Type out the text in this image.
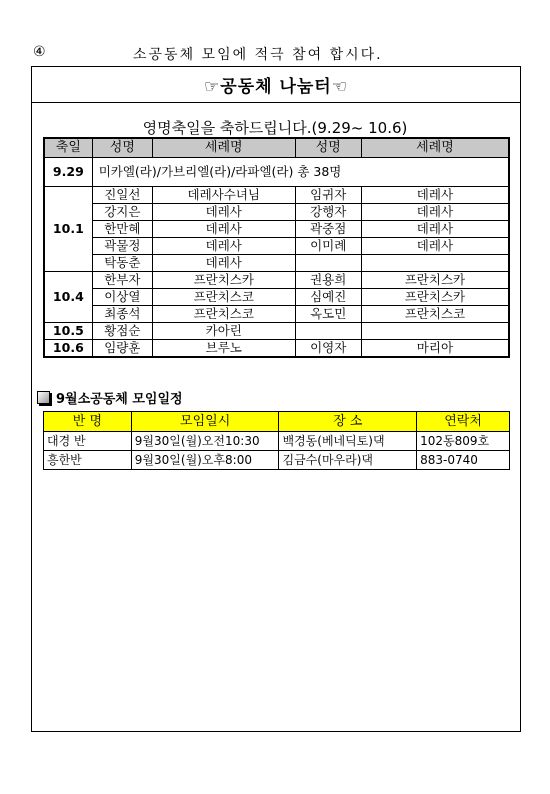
④	소공동체 모임에 적극 참여 합시다.
☞공동체 나눔터☜
영명축일을 축하드립니다.(9.29~ 10.6)
축일	성명	세례명	성명	세례명
9.29	미카엘(라)/가브리엘(라)/라파엘(라) 총 38명			
10.1	진일선	데레사수녀님	임귀자	데레사
	강지은	데레사	강행자	데레사
	한만혜	데레사	곽중점	데레사
	곽물정	데레사	이미례	데레사
	탁동춘	데레사		
10.4	한부자	프란치스카	권용희	프란치스카
	이상열	프란치스코	심예진	프란치스카
	최종석	프란치스코	옥도민	프란치스코
10.5	황점순	카아린		
10.6	임량훈	브루노	이영자	마리아
9월소공동체 모임일정
반 명	모임일시	장 소	연락처
대경 반	9월30일(월)오전10:30	백경동(베네딕토)댁	102동809호
흥한반	9월30일(월)오후8:00	김금수(마우라)댁	883-0740
